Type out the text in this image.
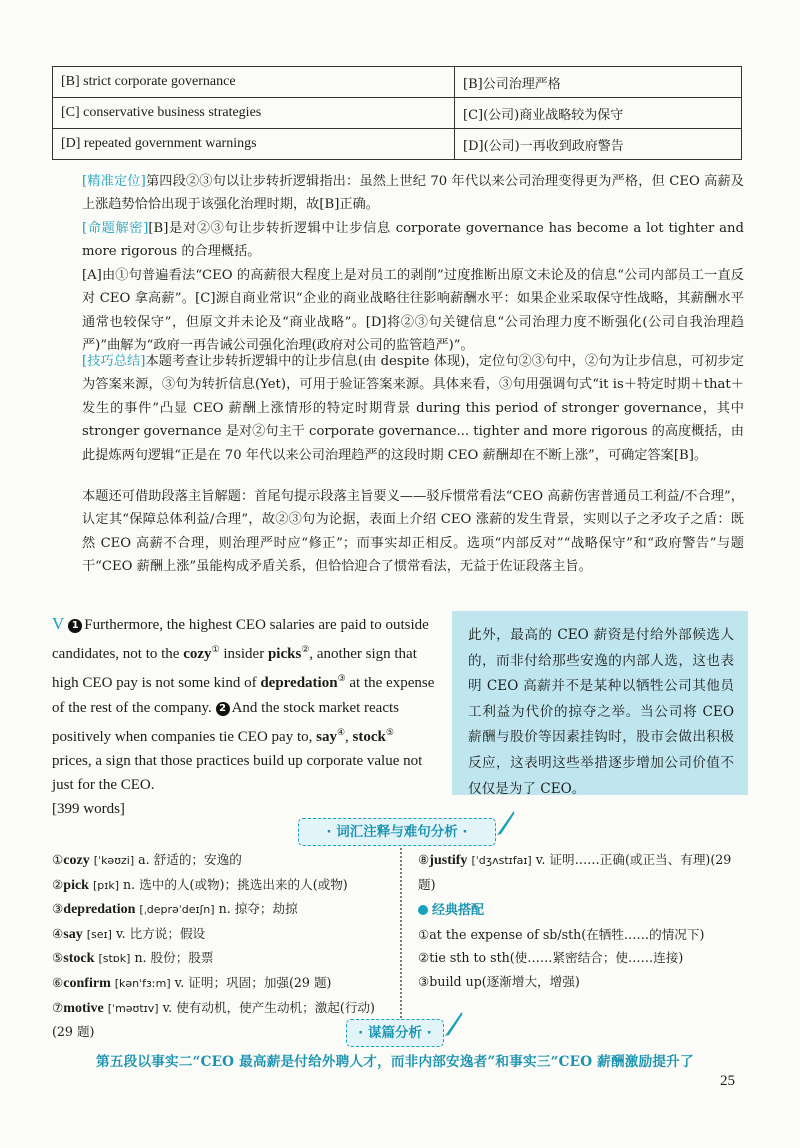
[B] strict corporate governance	[B]公司治理严格
[C] conservative business strategies	[C](公司)商业战略较为保守
[D] repeated government warnings	[D](公司)一再收到政府警告
[精准定位]第四段②③句以让步转折逻辑指出：虽然上世纪 70 年代以来公司治理变得更为严格，但 CEO 高薪及上涨趋势恰恰出现于该强化治理时期，故[B]正确。
[命题解密][B]是对②③句让步转折逻辑中让步信息 corporate governance has become a lot tighter and more rigorous 的合理概括。
[A]由①句普遍看法“CEO 的高薪很大程度上是对员工的剥削”过度推断出原文未论及的信息“公司内部员工一直反对 CEO 拿高薪”。[C]源自商业常识“企业的商业战略往往影响薪酬水平：如果企业采取保守性战略，其薪酬水平通常也较保守”，但原文并未论及“商业战略”。[D]将②③句关键信息“公司治理力度不断强化(公司自我治理趋严)”曲解为“政府一再告诫公司强化治理(政府对公司的监管趋严)”。
[技巧总结]本题考查让步转折逻辑中的让步信息(由 despite 体现)，定位句②③句中，②句为让步信息，可初步定为答案来源，③句为转折信息(Yet)，可用于验证答案来源。具体来看，③句用强调句式“it is＋特定时期＋that＋发生的事件”凸显 CEO 薪酬上涨情形的特定时期背景 during this period of stronger governance，其中 stronger governance 是对②句主干 corporate governance... tighter and more rigorous 的高度概括，由此提炼两句逻辑“正是在 70 年代以来公司治理趋严的这段时期 CEO 薪酬却在不断上涨”，可确定答案[B]。
本题还可借助段落主旨解题：首尾句提示段落主旨要义——驳斥惯常看法“CEO 高薪伤害普通员工利益/不合理”，认定其“保障总体利益/合理”，故②③句为论据，表面上介绍 CEO 涨薪的发生背景，实则以子之矛攻子之盾：既然 CEO 高薪不合理，则治理严时应“修正”；而事实却正相反。选项“内部反对”“战略保守”和“政府警告”与题干“CEO 薪酬上涨”虽能构成矛盾关系，但恰恰迎合了惯常看法，无益于佐证段落主旨。
V 1 Furthermore, the highest CEO salaries are paid to outside candidates, not to the cozy① insider picks②, another sign that high CEO pay is not some kind of depredation③ at the expense of the rest of the company. 2 And the stock market reacts positively when companies tie CEO pay to, say④, stock⑤ prices, a sign that those practices build up corporate value not just for the CEO.
[399 words]
此外，最高的 CEO 薪资是付给外部候选人的，而非付给那些安逸的内部人选，这也表明 CEO 高薪并不是某种以牺牲公司其他员工利益为代价的掠夺之举。当公司将 CEO 薪酬与股价等因素挂钩时，股市会做出积极反应，这表明这些举措逐步增加公司价值不仅仅是为了 CEO。
· 词汇注释与难句分析 ·
①cozy [ˈkəʊzi] a. 舒适的；安逸的
②pick [pɪk] n. 选中的人(或物)；挑选出来的人(或物)
③depredation [ˌdeprəˈdeɪʃn] n. 掠夺；劫掠
④say [seɪ] v. 比方说；假设
⑤stock [stɒk] n. 股份；股票
⑥confirm [kənˈfɜːm] v. 证明；巩固；加强(29 题)
⑦motive [ˈməʊtɪv] v. 使有动机，使产生动机；激起(行动)(29 题)
⑧justify [ˈdʒʌstɪfaɪ] v. 证明……正确(或正当、有理)(29 题)
经典搭配
①at the expense of sb/sth(在牺牲……的情况下)
②tie sth to sth(使……紧密结合；使……连接)
③build up(逐渐增大，增强)
· 谋篇分析 ·
第五段以事实二“CEO 最高薪是付给外聘人才，而非内部安逸者”和事实三“CEO 薪酬激励提升了
25
